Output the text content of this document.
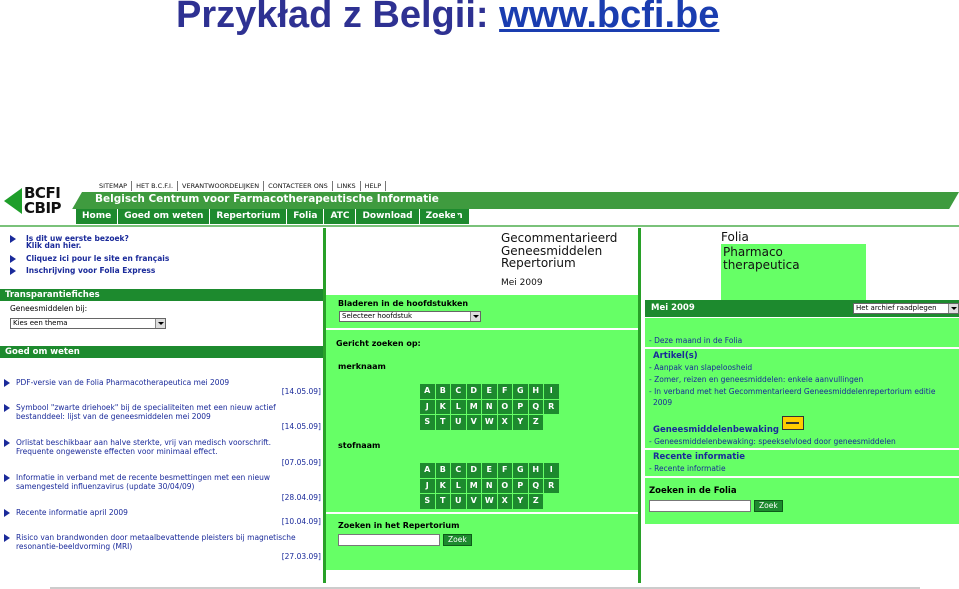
Przykład z Belgii: www.bcfi.be
BCFI
CBIP
SITEMAP	HET B.C.F.I.	VERANTWOORDELIJKEN	CONTACTEER ONS	LINKS	HELP
Belgisch Centrum voor Farmacotherapeutische Informatie
Home	Goed om weten	Repertorium	Folia	ATC	Download	Zoeken
Is dit uw eerste bezoek?
Klik dan hier.
Cliquez ici pour le site en français
Inschrijving voor Folia Express
Transparantiefiches
Geneesmiddelen bij:
Kies een thema
Goed om weten
PDF-versie van de Folia Pharmacotherapeutica mei 2009
[14.05.09]
Symbool "zwarte driehoek" bij de specialiteiten met een nieuw actief bestanddeel: lijst van de geneesmiddelen mei 2009
[14.05.09]
Orlistat beschikbaar aan halve sterkte, vrij van medisch voorschrift. Frequente ongewenste effecten voor minimaal effect.
[07.05.09]
Informatie in verband met de recente besmettingen met een nieuw samengesteld influenzavirus (update 30/04/09)
[28.04.09]
Recente informatie april 2009
[10.04.09]
Risico van brandwonden door metaalbevattende pleisters bij magnetische resonantie-beeldvorming (MRI)
[27.03.09]
Gecommentarieerd
Geneesmiddelen
Repertorium
Mei 2009
Bladeren in de hoofdstukken
Selecteer hoofdstuk
Gericht zoeken op:
merknaam
A	B	C	D	E	F	G	H	I
J	K	L	M	N	O	P	Q	R
S	T	U	V W	X	Y	Z
stofnaam
A	B	C	D	E	F	G	H	I
J	K	L	M	N	O	P	Q	R
S	T	U	V W	X	Y	Z
Zoeken in het Repertorium
Zoek
Folia
Pharmaco
therapeutica
Mei 2009	Het archief raadplegen
- Deze maand in de Folia
Artikel(s)
- Aanpak van slapeloosheid
- Zomer, reizen en geneesmiddelen: enkele aanvullingen
- In verband met het Gecommentarieerd Geneesmiddelenrepertorium editie
2009
Geneesmiddelenbewaking
- Geneesmiddelenbewaking: speekselvloed door geneesmiddelen
Recente informatie
- Recente informatie
Zoeken in de Folia
Zoek
